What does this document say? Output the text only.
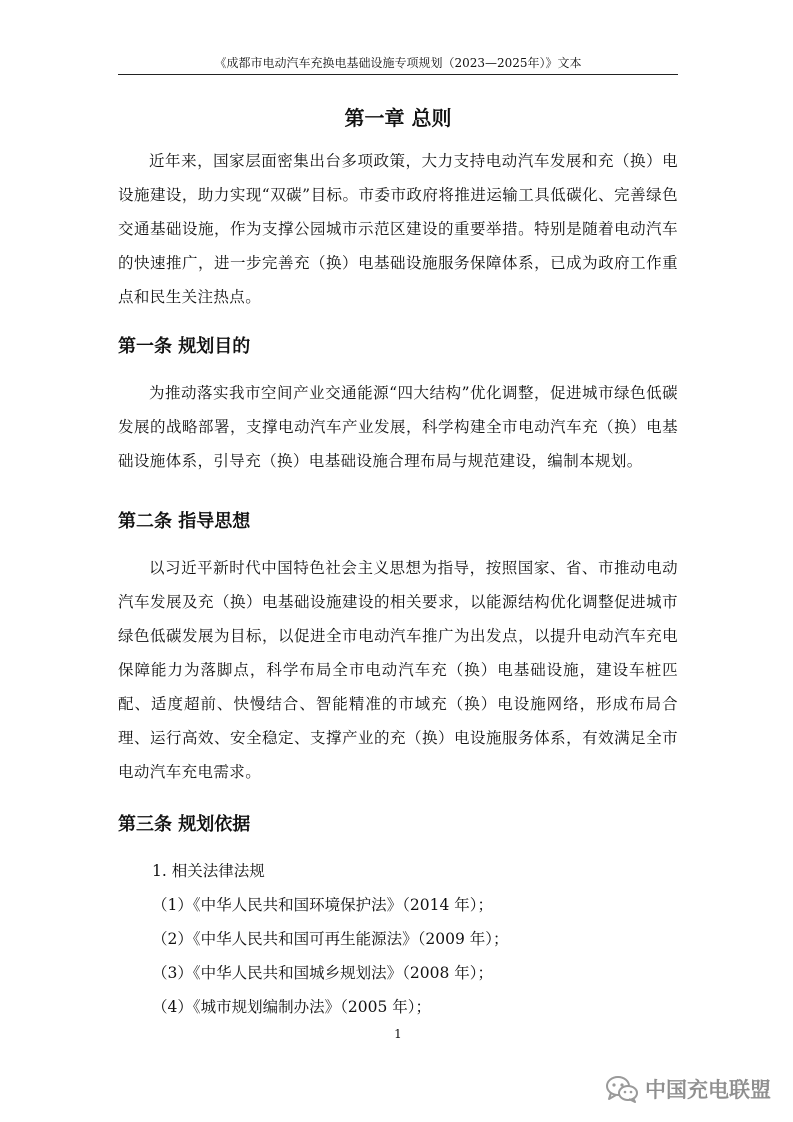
《成都市电动汽车充换电基础设施专项规划（2023—2025年）》文本
第一章 总则

近年来，国家层面密集出台多项政策，大力支持电动汽车发展和充（换）电设施建设，助力实现“双碳”目标。市委市政府将推进运输工具低碳化、完善绿色交通基础设施，作为支撑公园城市示范区建设的重要举措。特别是随着电动汽车的快速推广，进一步完善充（换）电基础设施服务保障体系，已成为政府工作重点和民生关注热点。

第一条 规划目的

为推动落实我市空间产业交通能源“四大结构”优化调整，促进城市绿色低碳发展的战略部署，支撑电动汽车产业发展，科学构建全市电动汽车充（换）电基础设施体系，引导充（换）电基础设施合理布局与规范建设，编制本规划。

第二条 指导思想

以习近平新时代中国特色社会主义思想为指导，按照国家、省、市推动电动汽车发展及充（换）电基础设施建设的相关要求，以能源结构优化调整促进城市绿色低碳发展为目标，以促进全市电动汽车推广为出发点，以提升电动汽车充电保障能力为落脚点，科学布局全市电动汽车充（换）电基础设施，建设车桩匹配、适度超前、快慢结合、智能精准的市域充（换）电设施网络，形成布局合理、运行高效、安全稳定、支撑产业的充（换）电设施服务体系，有效满足全市电动汽车充电需求。

第三条 规划依据

1. 相关法律法规

（1）《中华人民共和国环境保护法》（2014 年）；

（2）《中华人民共和国可再生能源法》（2009 年）；

（3）《中华人民共和国城乡规划法》（2008 年）；

（4）《城市规划编制办法》（2005 年）；

1
中国充电联盟
